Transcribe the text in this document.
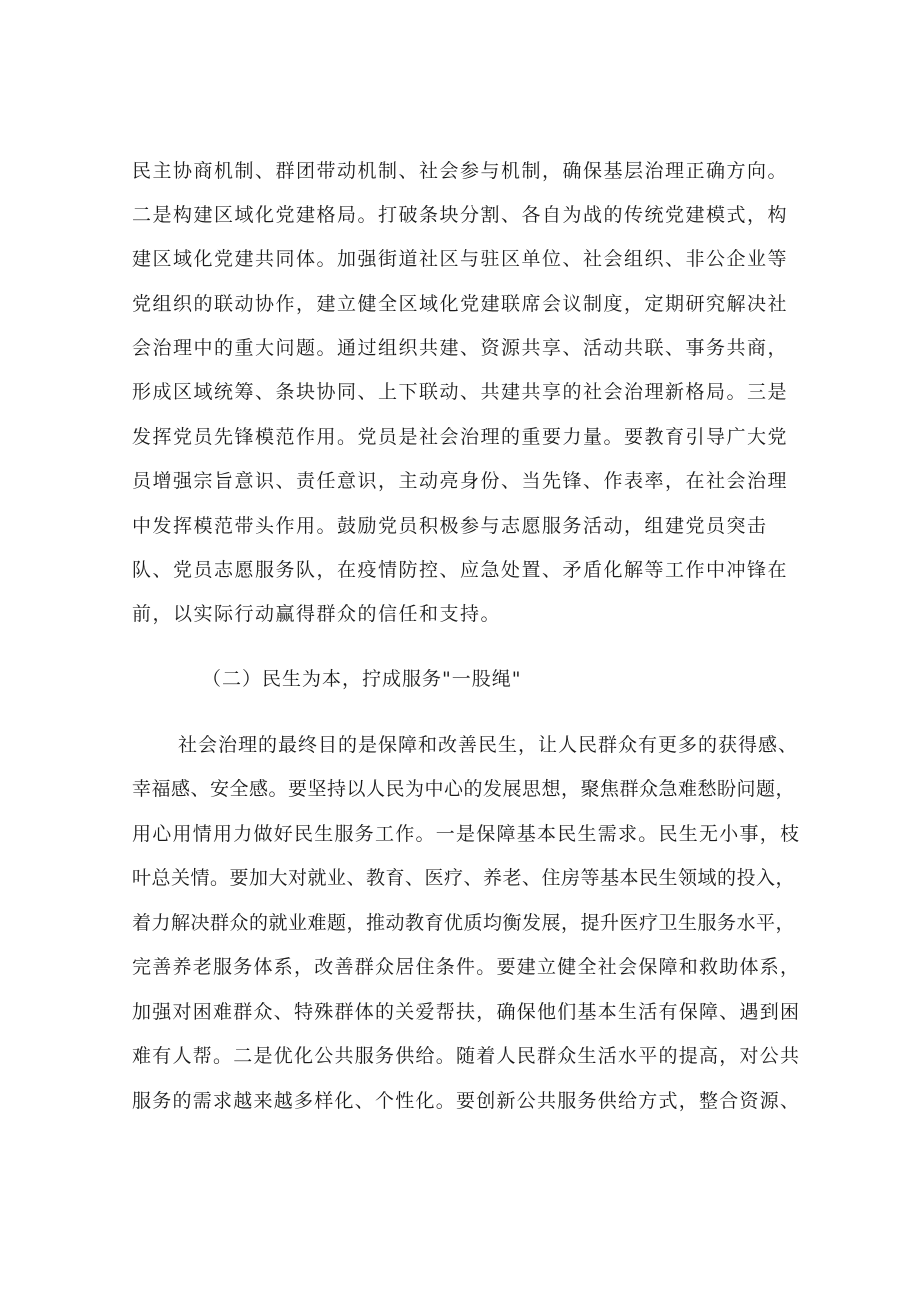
民主协商机制、群团带动机制、社会参与机制，确保基层治理正确方向。
二是构建区域化党建格局。打破条块分割、各自为战的传统党建模式，构
建区域化党建共同体。加强街道社区与驻区单位、社会组织、非公企业等
党组织的联动协作，建立健全区域化党建联席会议制度，定期研究解决社
会治理中的重大问题。通过组织共建、资源共享、活动共联、事务共商，
形成区域统筹、条块协同、上下联动、共建共享的社会治理新格局。三是
发挥党员先锋模范作用。党员是社会治理的重要力量。要教育引导广大党
员增强宗旨意识、责任意识，主动亮身份、当先锋、作表率，在社会治理
中发挥模范带头作用。鼓励党员积极参与志愿服务活动，组建党员突击
队、党员志愿服务队，在疫情防控、应急处置、矛盾化解等工作中冲锋在
前，以实际行动赢得群众的信任和支持。
（二）民生为本，拧成服务"一股绳"
社会治理的最终目的是保障和改善民生，让人民群众有更多的获得感、
幸福感、安全感。要坚持以人民为中心的发展思想，聚焦群众急难愁盼问题，
用心用情用力做好民生服务工作。一是保障基本民生需求。民生无小事，枝
叶总关情。要加大对就业、教育、医疗、养老、住房等基本民生领域的投入，
着力解决群众的就业难题，推动教育优质均衡发展，提升医疗卫生服务水平，
完善养老服务体系，改善群众居住条件。要建立健全社会保障和救助体系，
加强对困难群众、特殊群体的关爱帮扶，确保他们基本生活有保障、遇到困
难有人帮。二是优化公共服务供给。随着人民群众生活水平的提高，对公共
服务的需求越来越多样化、个性化。要创新公共服务供给方式，整合资源、
